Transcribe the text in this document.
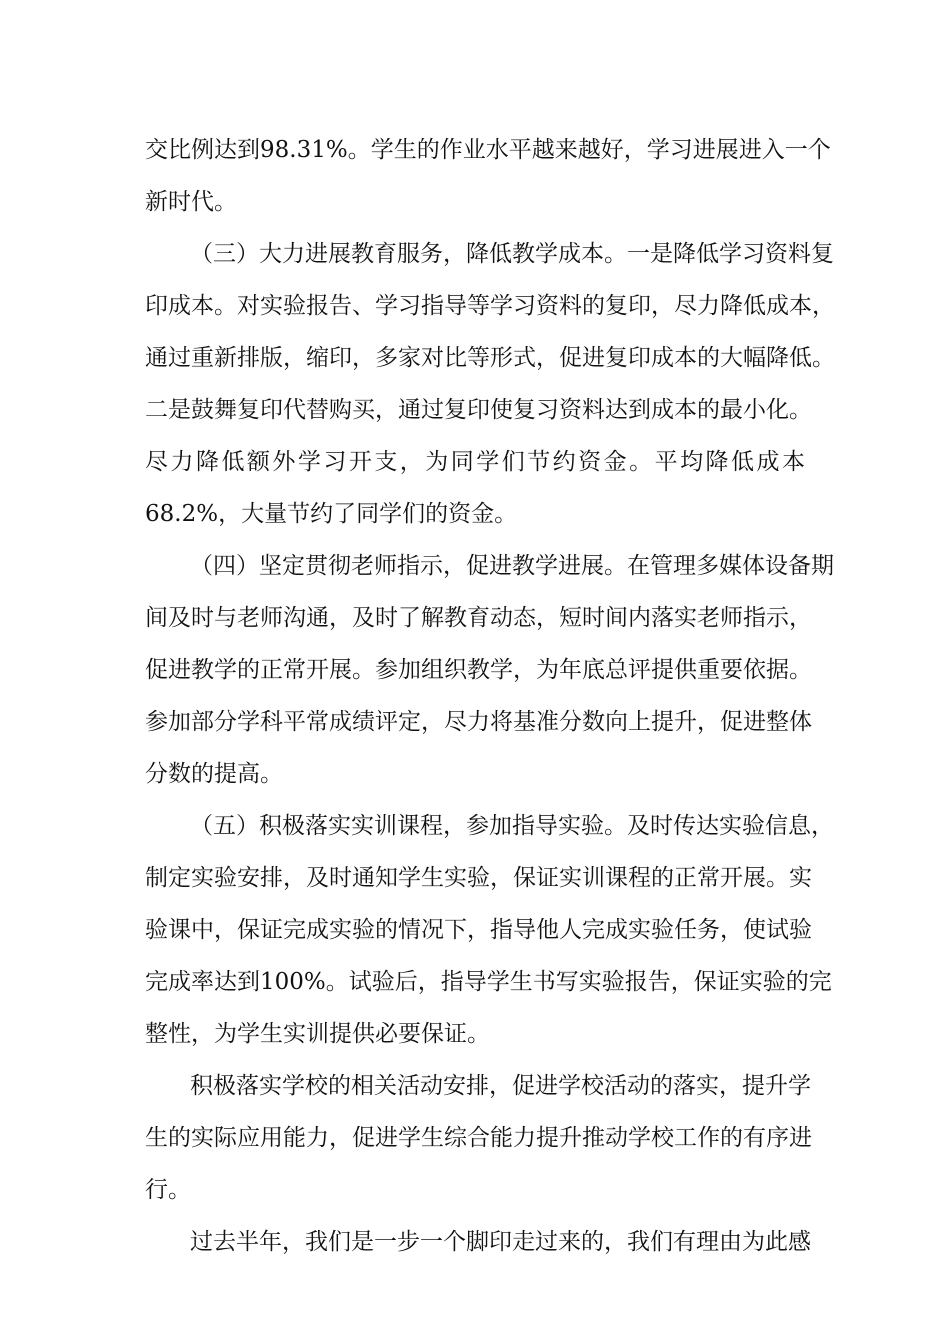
交比例达到98.31%。学生的作业水平越来越好，学习进展进入一个

新时代。

（三）大力进展教育服务，降低教学成本。一是降低学习资料复

印成本。对实验报告、学习指导等学习资料的复印，尽力降低成本，

通过重新排版，缩印，多家对比等形式，促进复印成本的大幅降低。

二是鼓舞复印代替购买，通过复印使复习资料达到成本的最小化。

尽力降低额外学习开支，为同学们节约资金。平均降低成本

68.2%，大量节约了同学们的资金。

（四）坚定贯彻老师指示，促进教学进展。在管理多媒体设备期

间及时与老师沟通，及时了解教育动态，短时间内落实老师指示，

促进教学的正常开展。参加组织教学，为年底总评提供重要依据。

参加部分学科平常成绩评定，尽力将基准分数向上提升，促进整体

分数的提高。

（五）积极落实实训课程，参加指导实验。及时传达实验信息，

制定实验安排，及时通知学生实验，保证实训课程的正常开展。实

验课中，保证完成实验的情况下，指导他人完成实验任务，使试验

完成率达到100%。试验后，指导学生书写实验报告，保证实验的完

整性，为学生实训提供必要保证。

积极落实学校的相关活动安排，促进学校活动的落实，提升学

生的实际应用能力，促进学生综合能力提升推动学校工作的有序进

行。

过去半年，我们是一步一个脚印走过来的，我们有理由为此感
